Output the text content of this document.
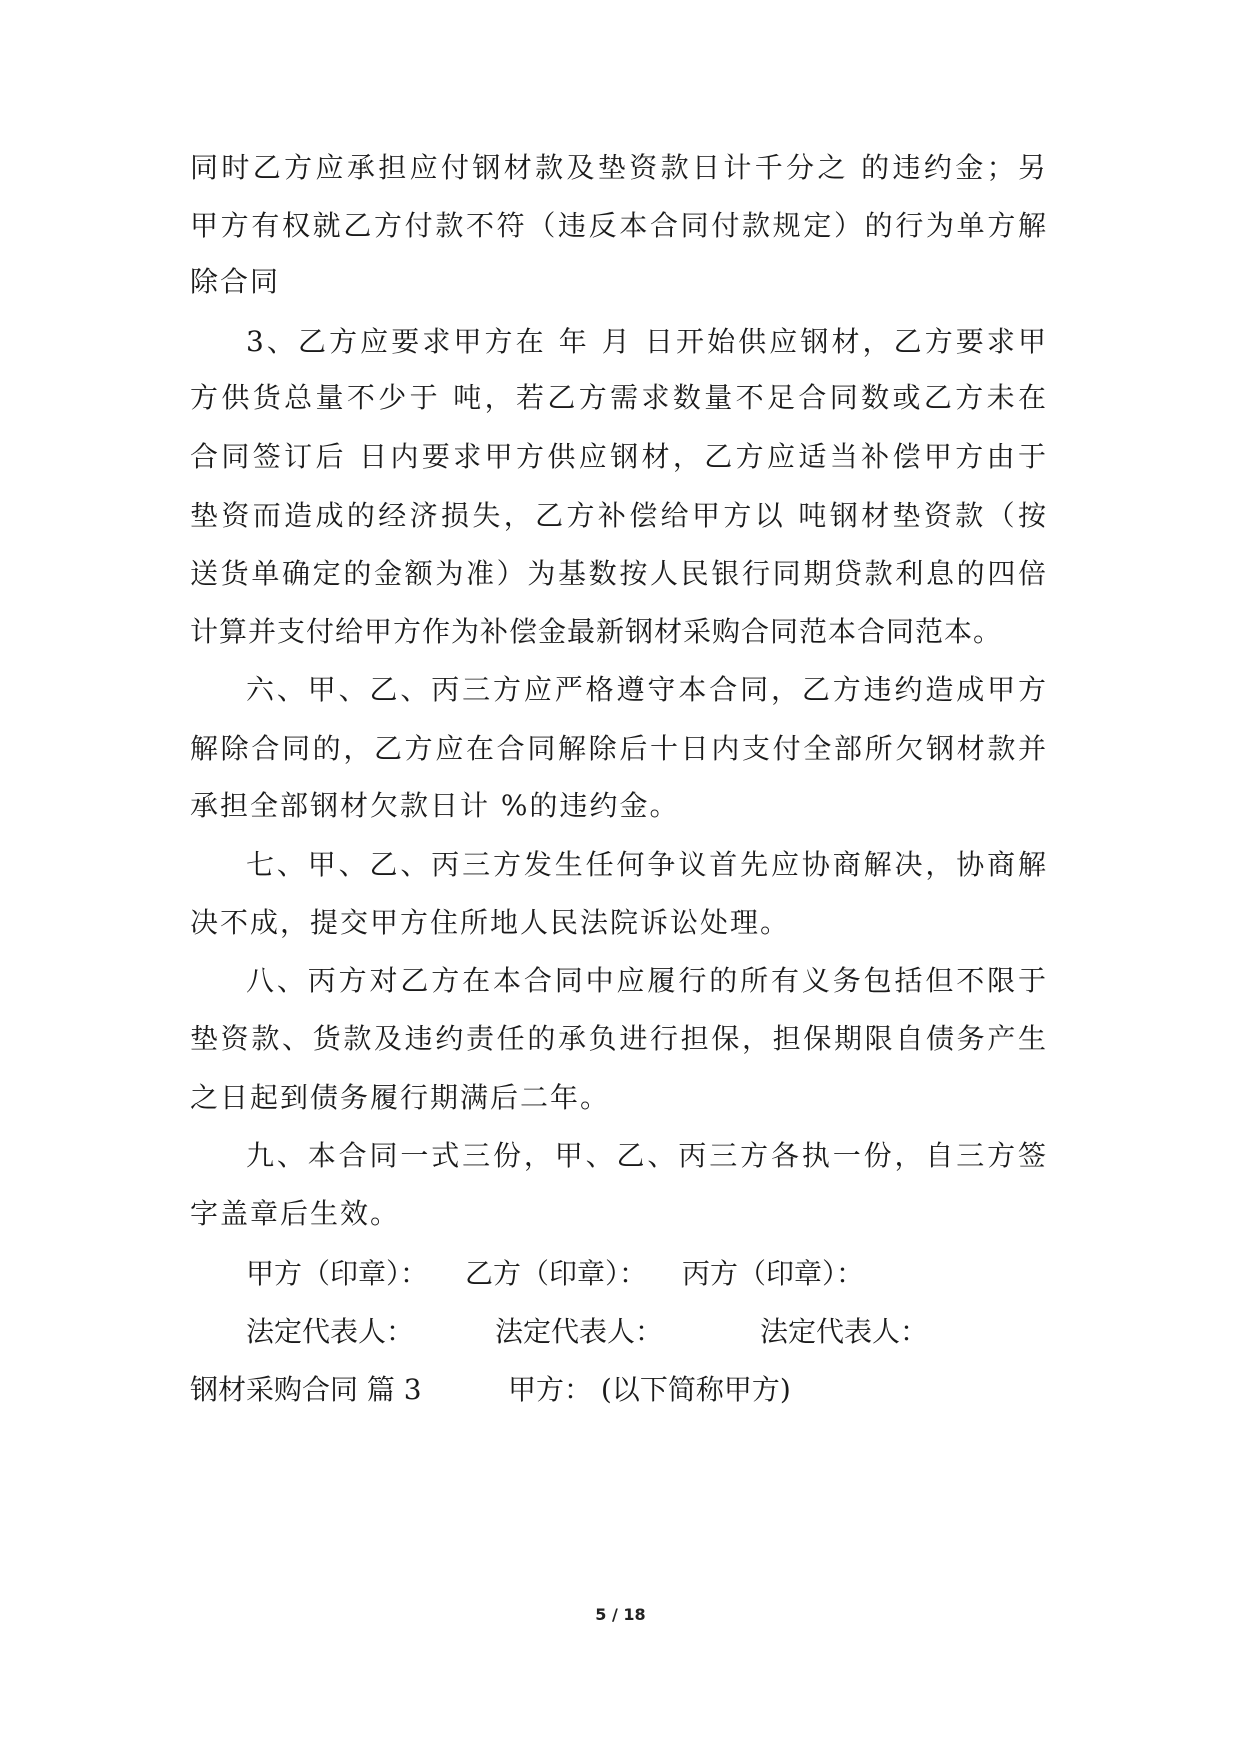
同时乙方应承担应付钢材款及垫资款日计千分之 的违约金；另
甲方有权就乙方付款不符（违反本合同付款规定）的行为单方解
除合同
3、乙方应要求甲方在 年 月 日开始供应钢材，乙方要求甲
方供货总量不少于 吨，若乙方需求数量不足合同数或乙方未在
合同签订后 日内要求甲方供应钢材，乙方应适当补偿甲方由于
垫资而造成的经济损失，乙方补偿给甲方以 吨钢材垫资款（按
送货单确定的金额为准）为基数按人民银行同期贷款利息的四倍
计算并支付给甲方作为补偿金最新钢材采购合同范本合同范本。
六、甲、乙、丙三方应严格遵守本合同，乙方违约造成甲方
解除合同的，乙方应在合同解除后十日内支付全部所欠钢材款并
承担全部钢材欠款日计 %的违约金。
七、甲、乙、丙三方发生任何争议首先应协商解决，协商解
决不成，提交甲方住所地人民法院诉讼处理。
八、丙方对乙方在本合同中应履行的所有义务包括但不限于
垫资款、货款及违约责任的承负进行担保，担保期限自债务产生
之日起到债务履行期满后二年。
九、本合同一式三份，甲、乙、丙三方各执一份，自三方签
字盖章后生效。
甲方（印章）： 乙方（印章）： 丙方（印章）：
法定代表人：	法定代表人：	法定代表人：
钢材采购合同 篇 3	甲方： (以下简称甲方)
5 / 18
